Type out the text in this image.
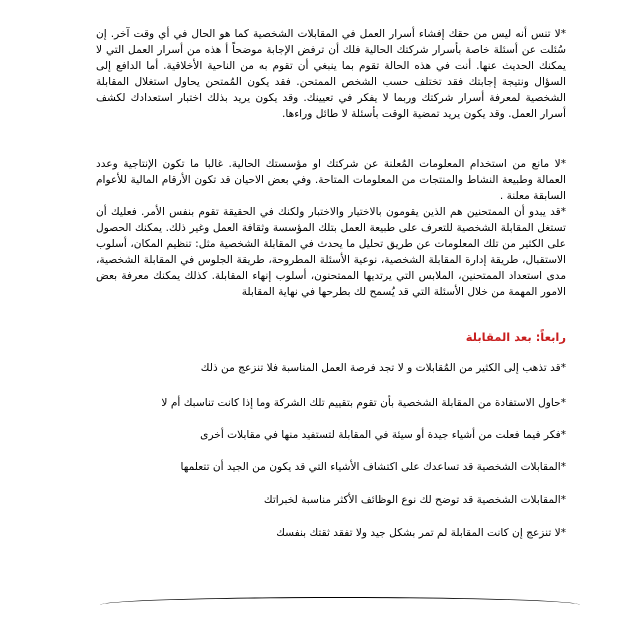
*لا تنس أنه ليس من حقك إفشاء أسرار العمل في المقابلات الشخصية كما هو الحال في أي وقت آخر. إن سُئلت عن أسئلة خاصة بأسرار شركتك الحالية فلك أن ترفض الإجابة موضحاً أ هذه من أسرار العمل التي لا يمكنك الحديث عنها. أنت في هذه الحالة تقوم بما ينبغي أن تقوم به من الناحية الأخلاقية. أما الدافع إلى السؤال ونتيجة إجابتك فقد تختلف حسب الشخص الممتحن. فقد يكون المُمتحن يحاول استغلال المقابلة الشخصية لمعرفة أسرار شركتك وربما لا يفكر في تعيينك. وقد يكون يريد بذلك اختبار استعدادك لكشف أسرار العمل. وقد يكون يريد تمضية الوقت بأسئلة لا طائل وراءها.

*لا مانع من استخدام المعلومات المُعلنة عن شركتك او مؤسستك الحالية. غالبا ما تكون الإنتاجية وعدد العمالة وطبيعة النشاط والمنتجات من المعلومات المتاحة. وفي بعض الاحيان قد تكون الأرقام المالية للأعوام السابقة معلنة .

*قد يبدو أن الممتحنين هم الذين يقومون بالاختيار والاختبار ولكنك في الحقيقة تقوم بنفس الأمر. فعليك أن تستغل المقابلة الشخصية للتعرف على طبيعة العمل بتلك المؤسسة وثقافة العمل وغير ذلك. يمكنك الحصول على الكثير من تلك المعلومات عن طريق تحليل ما يحدث في المقابلة الشخصية مثل: تنظيم المكان، أسلوب الاستقبال، طريقة إدارة المقابلة الشخصية، نوعية الأسئلة المطروحة، طريقة الجلوس في المقابلة الشخصية، مدى استعداد الممتحنين، الملابس التي يرتديها الممتحنون، أسلوب إنهاء المقابلة. كذلك يمكنك معرفة بعض الامور المهمة من خلال الأسئلة التي قد يُسمح لك بطرحها في نهاية المقابلة

رابعاً: بعد المقابلة
*قد تذهب إلى الكثير من المُقابلات و لا تجد فرصة العمل المناسبة فلا تنزعج من ذلك
*حاول الاستفادة من المقابلة الشخصية بأن تقوم بتقييم تلك الشركة وما إذا كانت تناسبك أم لا
*فكر فيما فعلت من أشياء جيدة أو سيئة في المقابلة لتستفيد منها في مقابلات أخرى
*المقابلات الشخصية قد تساعدك على اكتشاف الأشياء التي قد يكون من الجيد أن تتعلمها
*المقابلات الشخصية قد توضح لك نوع الوظائف الأكثر مناسبة لخبراتك
*لا تنزعج إن كانت المقابلة لم تمر بشكل جيد ولا تفقد ثقتك بنفسك
